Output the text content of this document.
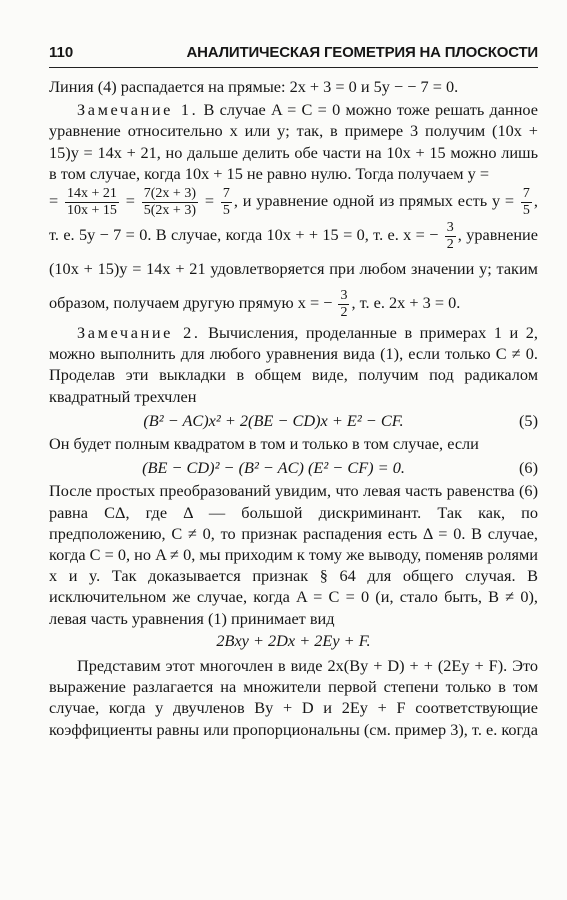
110	АНАЛИТИЧЕСКАЯ ГЕОМЕТРИЯ НА ПЛОСКОСТИ

Линия (4) распадается на прямые: 2x + 3 = 0 и 5y − − 7 = 0.

Замечание 1. В случае A = C = 0 можно тоже решать данное уравнение относительно x или y; так, в примере 3 получим (10x + 15)y = 14x + 21, но дальше делить обе части на 10x + 15 можно лишь в том случае, когда 10x + 15 не равно нулю. Тогда получаем y =

= $\frac{14x + 21}{10x + 15} = \frac{7(2x + 3)}{5(2x + 3)} = \frac{7}{5}$ , и уравнение одной из прямых есть $y = \frac{7}{5}$ , т. е. 5y − 7 = 0. В случае, когда 10x + + 15 = 0, т. е. x = − $\frac{3}{2}$ , уравнение (10x + 15)y = 14x + 21 удовлетворяется при любом значении y; таким образом, получаем другую прямую x = − $\frac{3}{2}$ , т. е. 2x + 3 = 0.

Замечание 2. Вычисления, проделанные в примерах 1 и 2, можно выполнить для любого уравнения вида (1), если только C ≠ 0. Проделав эти выкладки в общем виде, получим под радикалом квадратный трехчлен

(B² − AC)x² + 2(BE − CD)x + E² − CF.	(5)

Он будет полным квадратом в том и только в том случае, если

(BE − CD)² − (B² − AC) (E² − CF) = 0.	(6)

После простых преобразований увидим, что левая часть равенства (6) равна CΔ, где Δ — большой дискриминант. Так как, по предположению, C ≠ 0, то признак распадения есть Δ = 0. В случае, когда C = 0, но A ≠ 0, мы приходим к тому же выводу, поменяв ролями x и y. Так доказывается признак § 64 для общего случая. В исключительном же случае, когда A = C = 0 (и, стало быть, B ≠ 0), левая часть уравнения (1) принимает вид

2Bxy + 2Dx + 2Ey + F.

Представим этот многочлен в виде 2x(By + D) + + (2Ey + F). Это выражение разлагается на множители первой степени только в том случае, когда у двучленов By + D и 2Ey + F соответствующие коэффициенты равны или пропорциональны (см. пример 3), т. е. когда
